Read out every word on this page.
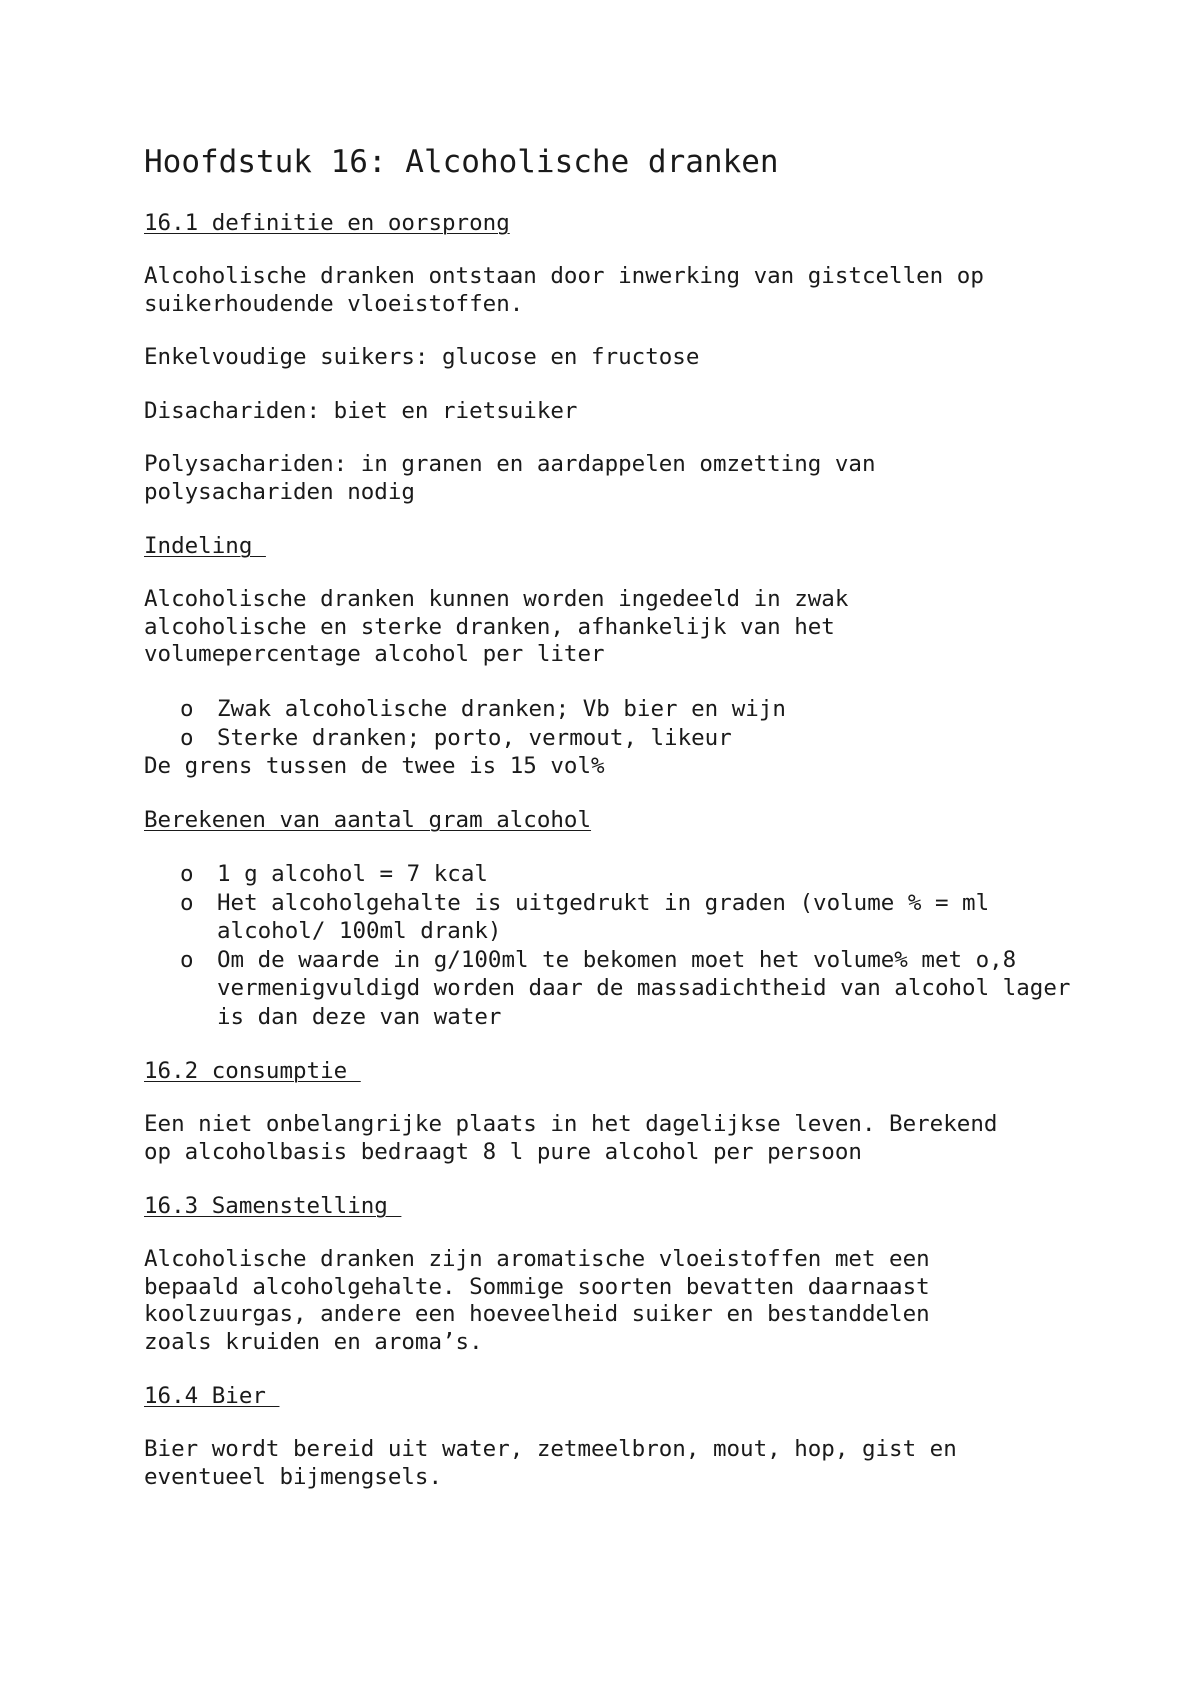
Hoofdstuk 16: Alcoholische dranken
16.1 definitie en oorsprong

Alcoholische dranken ontstaan door inwerking van gistcellen op
suikerhoudende vloeistoffen.

Enkelvoudige suikers: glucose en fructose

Disachariden: biet en rietsuiker

Polysachariden: in granen en aardappelen omzetting van
polysachariden nodig

Indeling

Alcoholische dranken kunnen worden ingedeeld in zwak
alcoholische en sterke dranken, afhankelijk van het
volumepercentage alcohol per liter

o Zwak alcoholische dranken; Vb bier en wijn
o Sterke dranken; porto, vermout, likeur

De grens tussen de twee is 15 vol%

Berekenen van aantal gram alcohol
o 1 g alcohol = 7 kcal
o Het alcoholgehalte is uitgedrukt in graden (volume % = ml alcohol/ 100ml drank)
o Om de waarde in g/100ml te bekomen moet het volume% met o,8 vermenigvuldigd worden daar de massadichtheid van alcohol lager is dan deze van water
16.2 consumptie

Een niet onbelangrijke plaats in het dagelijkse leven. Berekend
op alcoholbasis bedraagt 8 l pure alcohol per persoon

16.3 Samenstelling

Alcoholische dranken zijn aromatische vloeistoffen met een
bepaald alcoholgehalte. Sommige soorten bevatten daarnaast
koolzuurgas, andere een hoeveelheid suiker en bestanddelen
zoals kruiden en aroma’s.

16.4 Bier

Bier wordt bereid uit water, zetmeelbron, mout, hop, gist en
eventueel bijmengsels.
